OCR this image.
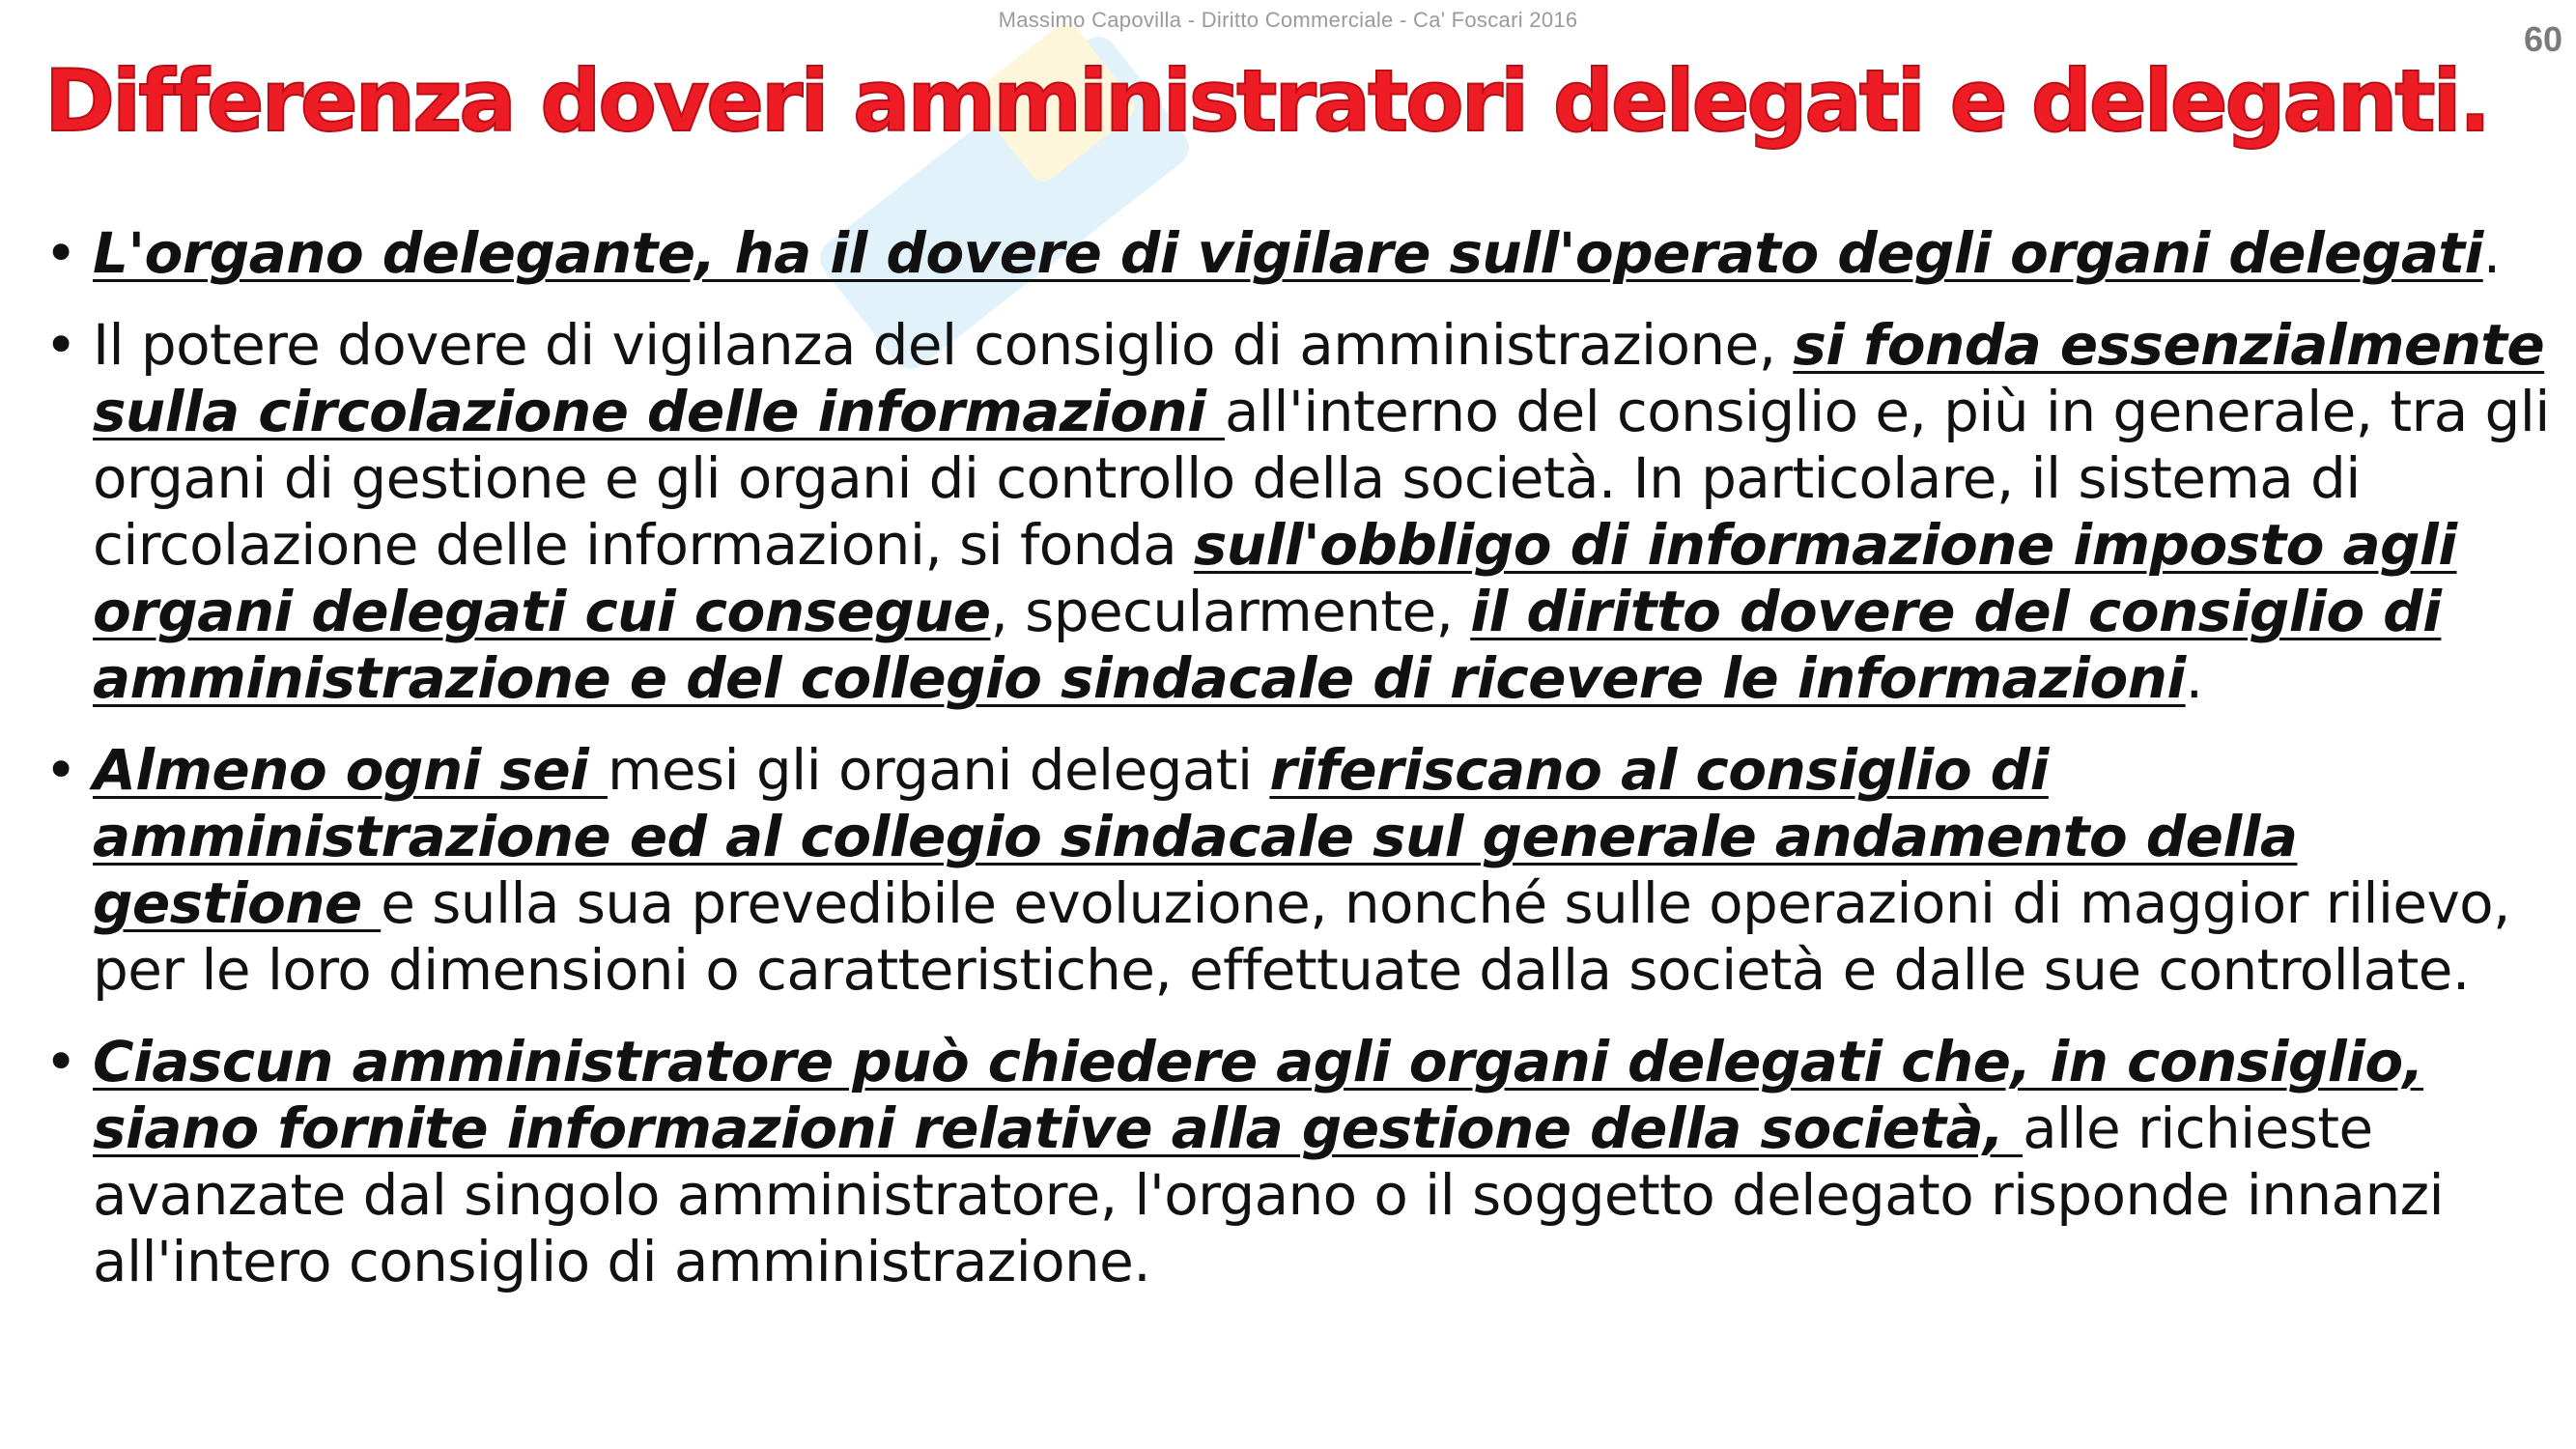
Massimo Capovilla - Diritto Commerciale - Ca' Foscari 2016	60
Differenza doveri amministratori delegati e deleganti.
• L'organo delegante, ha il dovere di vigilare sull'operato degli organi delegati.
• Il potere dovere di vigilanza del consiglio di amministrazione, si fonda essenzialmente sulla circolazione delle informazioni all'interno del consiglio e, più in generale, tra gli organi di gestione e gli organi di controllo della società. In particolare, il sistema di circolazione delle informazioni, si fonda sull'obbligo di informazione imposto agli organi delegati cui consegue, specularmente, il diritto dovere del consiglio di amministrazione e del collegio sindacale di ricevere le informazioni.
• Almeno ogni sei mesi gli organi delegati riferiscano al consiglio di amministrazione ed al collegio sindacale sul generale andamento della gestione e sulla sua prevedibile evoluzione, nonché sulle operazioni di maggior rilievo, per le loro dimensioni o caratteristiche, effettuate dalla società e dalle sue controllate.
• Ciascun amministratore può chiedere agli organi delegati che, in consiglio, siano fornite informazioni relative alla gestione della società, alle richieste avanzate dal singolo amministratore, l'organo o il soggetto delegato risponde innanzi all'intero consiglio di amministrazione.
